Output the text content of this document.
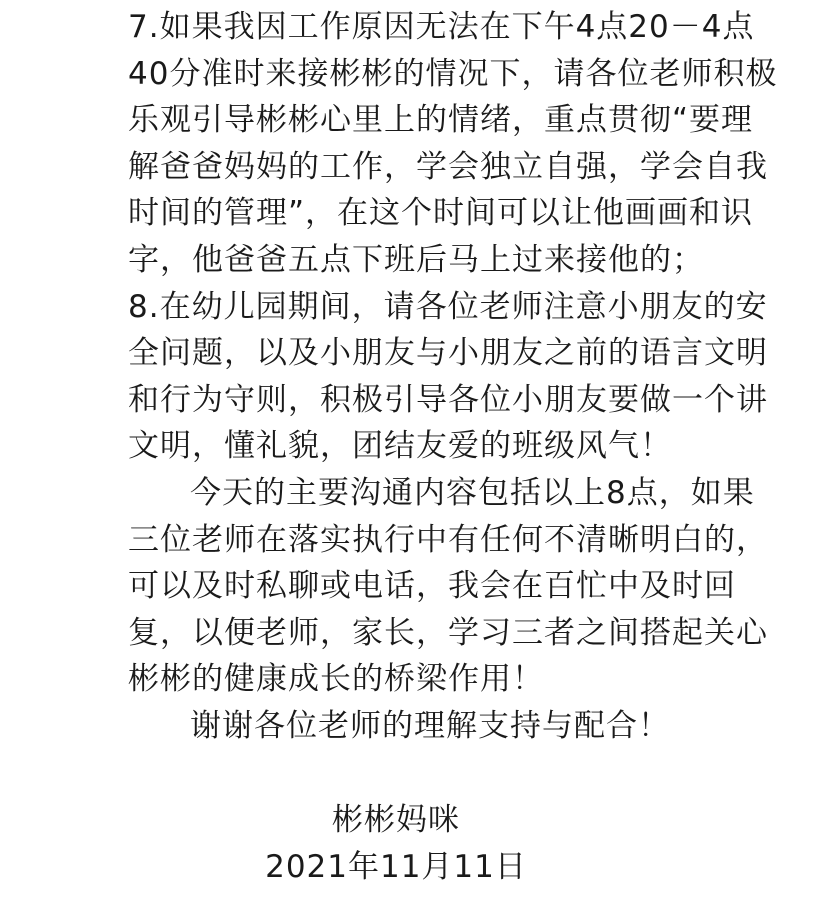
7.如果我因工作原因无法在下午4点20－4点
40分准时来接彬彬的情况下，请各位老师积极
乐观引导彬彬心里上的情绪，重点贯彻“要理
解爸爸妈妈的工作，学会独立自强，学会自我
时间的管理”，在这个时间可以让他画画和识
字，他爸爸五点下班后马上过来接他的；
8.在幼儿园期间，请各位老师注意小朋友的安
全问题，以及小朋友与小朋友之前的语言文明
和行为守则，积极引导各位小朋友要做一个讲
文明，懂礼貌，团结友爱的班级风气！
今天的主要沟通内容包括以上8点，如果
三位老师在落实执行中有任何不清晰明白的，
可以及时私聊或电话，我会在百忙中及时回
复，以便老师，家长，学习三者之间搭起关心
彬彬的健康成长的桥梁作用！
谢谢各位老师的理解支持与配合！
彬彬妈咪
2021年11月11日
